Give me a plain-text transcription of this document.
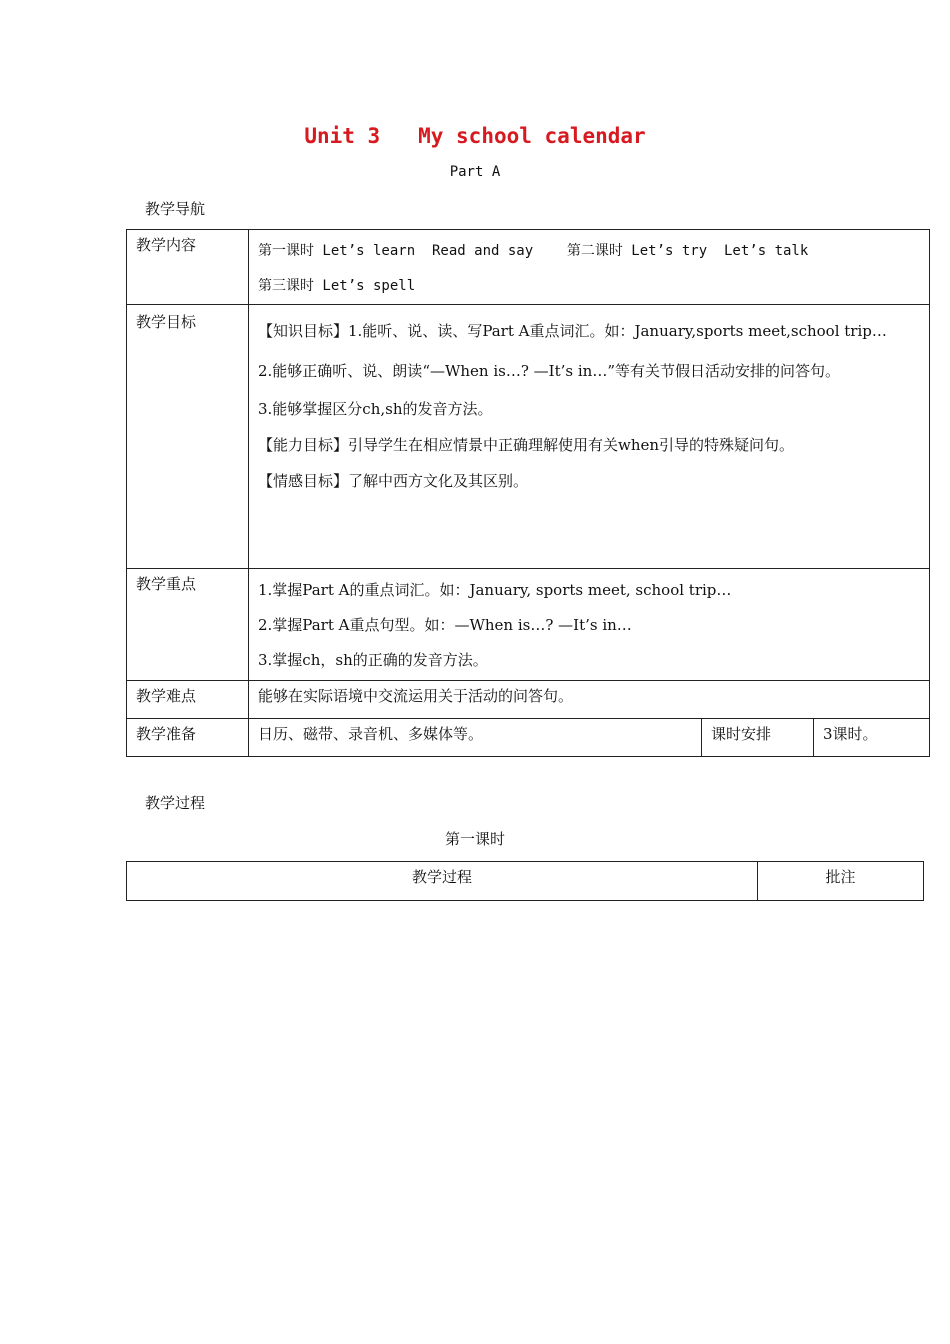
Unit 3   My school calendar
Part A
教学导航
教学内容	第一课时 Let’s learn  Read and say    第二课时 Let’s try  Let’s talk
第三课时 Let’s spell		

教学目标	【知识目标】1.能听、说、读、写Part A重点词汇。如：January,sports meet,school trip…
2.能够正确听、说、朗读“—When is…? —It’s in…”等有关节假日活动安排的问答句。
3.能够掌握区分ch,sh的发音方法。
【能力目标】引导学生在相应情景中正确理解使用有关when引导的特殊疑问句。
【情感目标】了解中西方文化及其区别。		

教学重点	1.掌握Part A的重点词汇。如：January, sports meet, school trip…
2.掌握Part A重点句型。如：—When is…? —It’s in…
3.掌握ch，sh的正确的发音方法。		

教学难点	能够在实际语境中交流运用关于活动的问答句。		
教学准备	日历、磁带、录音机、多媒体等。	课时安排	3课时。
教学过程
第一课时
教学过程	批注
